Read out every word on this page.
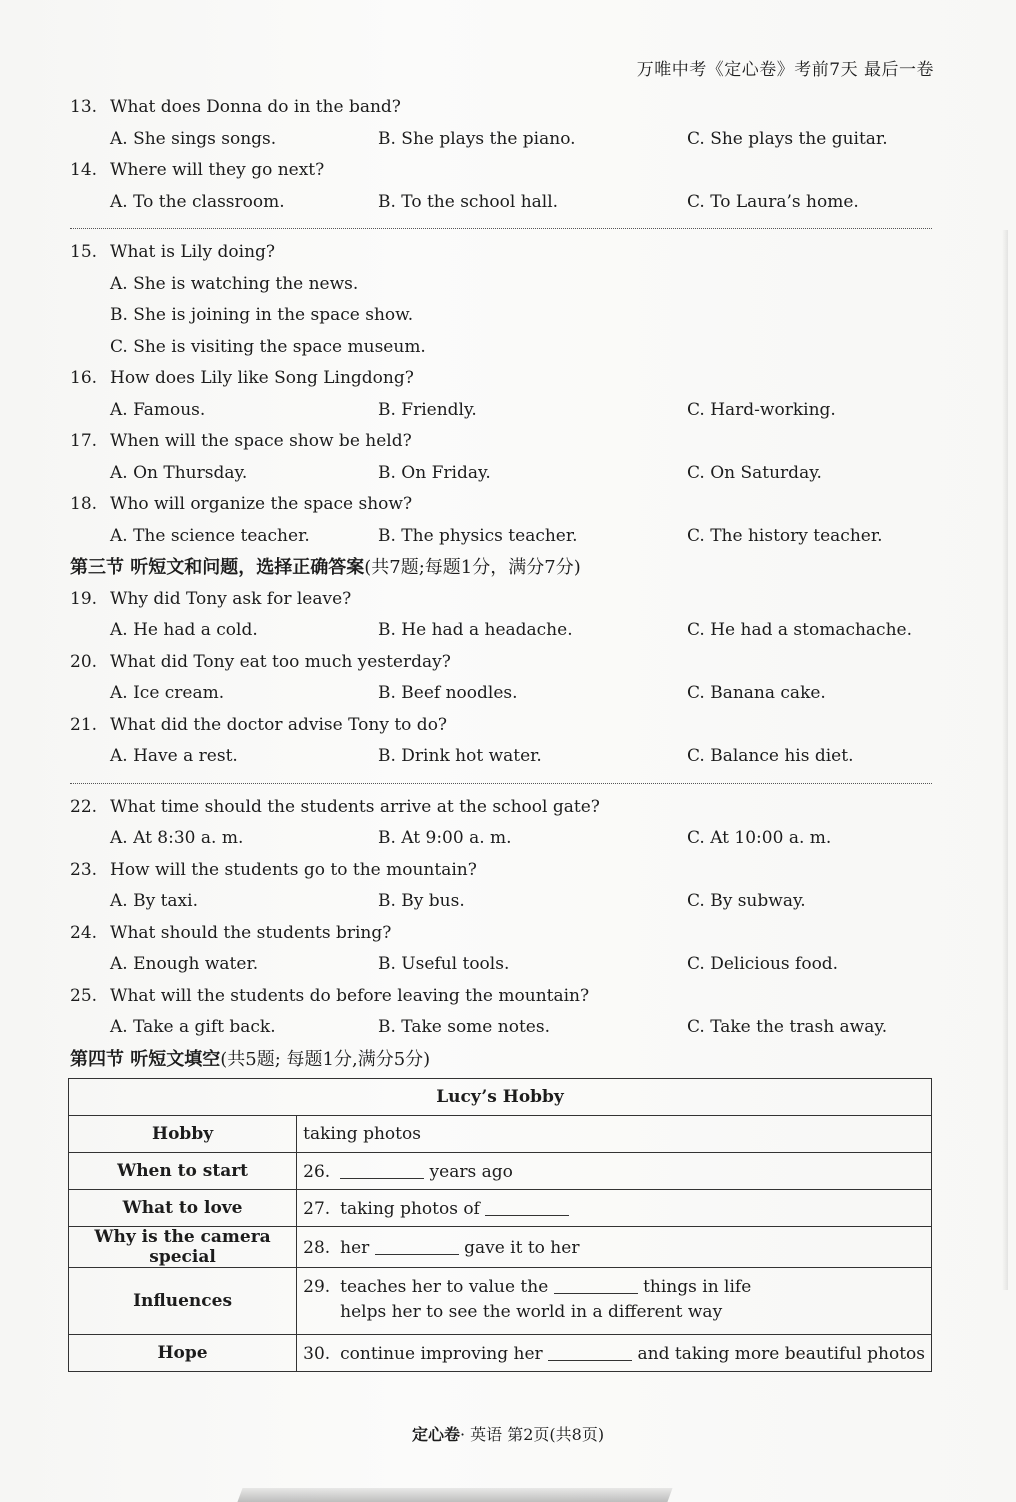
万唯中考《定心卷》考前7天 最后一卷
13. What does Donna do in the band?
A. She sings songs.	B. She plays the piano.	C. She plays the guitar.
14. Where will they go next?
A. To the classroom.	B. To the school hall.	C. To Laura’s home.
15. What is Lily doing?
A. She is watching the news.
B. She is joining in the space show.
C. She is visiting the space museum.
16. How does Lily like Song Lingdong?
A. Famous.	B. Friendly.	C. Hard-working.
17. When will the space show be held?
A. On Thursday.	B. On Friday.	C. On Saturday.
18. Who will organize the space show?
A. The science teacher.	B. The physics teacher.	C. The history teacher.
第三节 听短文和问题，选择正确答案(共7题;每题1分，满分7分)
19. Why did Tony ask for leave?
A. He had a cold.	B. He had a headache.	C. He had a stomachache.
20. What did Tony eat too much yesterday?
A. Ice cream.	B. Beef noodles.	C. Banana cake.
21. What did the doctor advise Tony to do?
A. Have a rest.	B. Drink hot water.	C. Balance his diet.
22. What time should the students arrive at the school gate?
A. At 8:30 a. m.	B. At 9:00 a. m.	C. At 10:00 a. m.
23. How will the students go to the mountain?
A. By taxi.	B. By bus.	C. By subway.
24. What should the students bring?
A. Enough water.	B. Useful tools.	C. Delicious food.
25. What will the students do before leaving the mountain?
A. Take a gift back.	B. Take some notes.	C. Take the trash away.
第四节 听短文填空(共5题; 每题1分,满分5分)
Lucy’s Hobby	
Hobby	taking photos
When to start	26. years ago
What to love	27. taking photos of
Why is the camera special	28. her gave it to her
Influences	29. teaches her to value the things in life
helps her to see the world in a different way

Hope	30. continue improving her and taking more beautiful photos
定心卷· 英语 第2页(共8页)
